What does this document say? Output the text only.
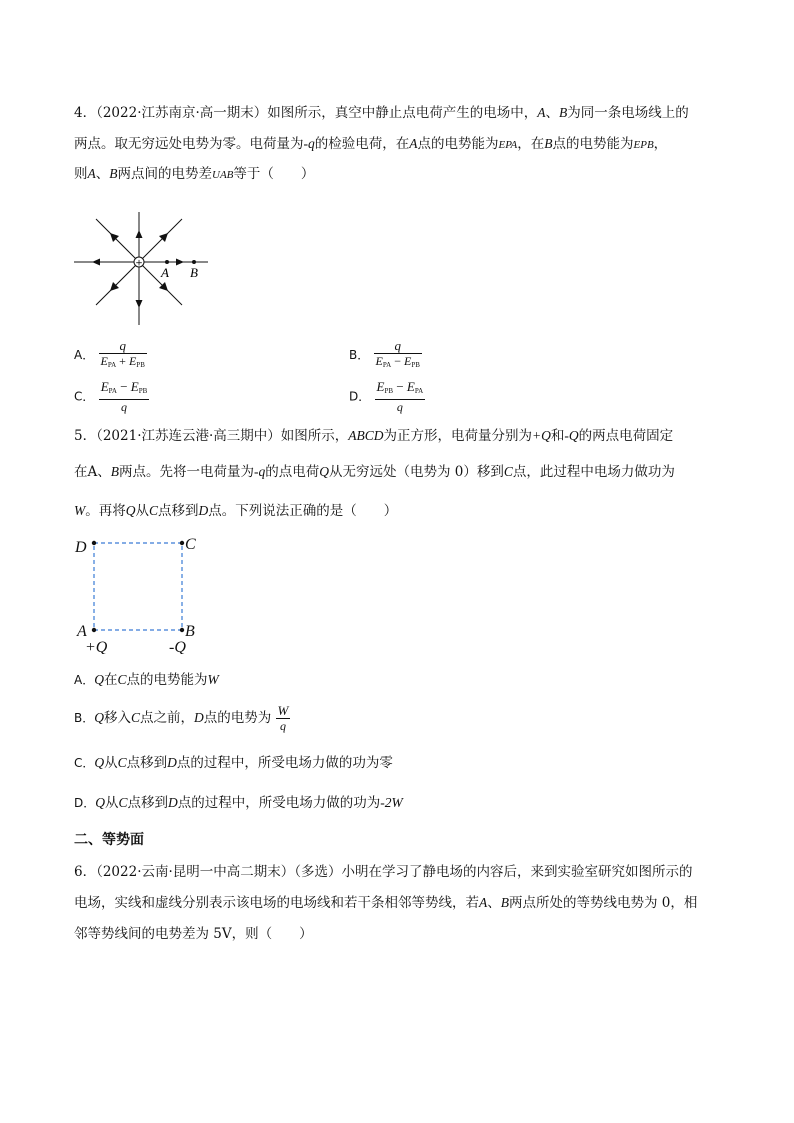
4．（2022·江苏南京·高一期末）如图所示，真空中静止点电荷产生的电场中，A、B为同一条电场线上的
两点。取无穷远处电势为零。电荷量为-q的检验电荷，在A点的电势能为EPA，在B点的电势能为EPB，
则A、B两点间的电势差UAB等于（　　）
+
A B
A． $\frac{q}{E_{PA} + E_{PB}}$	B． $\frac{q}{E_{PA} - E_{PB}}$
C． $\frac{E_{PA} - E_{PB}}{q}$	D． $\frac{E_{PB} - E_{PA}}{q}$
5．（2021·江苏连云港·高三期中）如图所示，ABCD为正方形，电荷量分别为+Q和-Q的两点电荷固定
在A、B两点。先将一电荷量为-q的点电荷Q从无穷远处（电势为 0）移到C点，此过程中电场力做功为
W。再将Q从C点移到D点。下列说法正确的是（　　）
D	C
A	B
+Q	-Q
A．Q在C点的电势能为W
B．Q移入C点之前，D点的电势为 $\frac{W}{q}$
C．Q从C点移到D点的过程中，所受电场力做的功为零
D．Q从C点移到D点的过程中，所受电场力做的功为-2W
二、等势面
6．（2022·云南·昆明一中高二期末）（多选）小明在学习了静电场的内容后，来到实验室研究如图所示的
电场，实线和虚线分别表示该电场的电场线和若干条相邻等势线，若A、B两点所处的等势线电势为 0，相
邻等势线间的电势差为 5V，则（　　）
